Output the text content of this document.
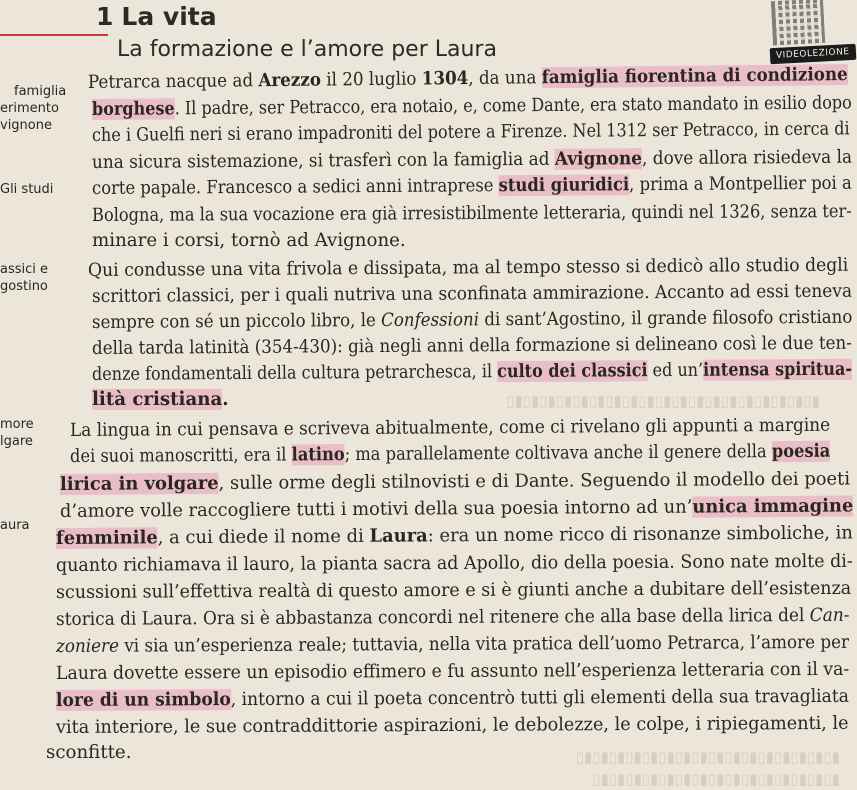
1 La vita
La formazione e l’amore per Laura	VIDEOLEZIONE
famiglia
erimento
vignone
Gli studi
assici e
gostino
more
lgare
aura
Petrarca nacque ad Arezzo il 20 luglio 1304, da una famiglia fiorentina di condizione
borghese. Il padre, ser Petracco, era notaio, e, come Dante, era stato mandato in esilio dopo
che i Guelfi neri si erano impadroniti del potere a Firenze. Nel 1312 ser Petracco, in cerca di
una sicura sistemazione, si trasferì con la famiglia ad Avignone, dove allora risiedeva la
corte papale. Francesco a sedici anni intraprese studi giuridici, prima a Montpellier poi a
Bologna, ma la sua vocazione era già irresistibilmente letteraria, quindi nel 1326, senza ter-
minare i corsi, tornò ad Avignone.
Qui condusse una vita frivola e dissipata, ma al tempo stesso si dedicò allo studio degli
scrittori classici, per i quali nutriva una sconfinata ammirazione. Accanto ad essi teneva
sempre con sé un piccolo libro, le Confessioni di sant’Agostino, il grande filosofo cristiano
della tarda latinità (354-430): già negli anni della formazione si delineano così le due ten-
denze fondamentali della cultura petrarchesca, il culto dei classici ed un’intensa spiritua-
lità cristiana.
La lingua in cui pensava e scriveva abitualmente, come ci rivelano gli appunti a margine
dei suoi manoscritti, era il latino; ma parallelamente coltivava anche il genere della poesia
lirica in volgare, sulle orme degli stilnovisti e di Dante. Seguendo il modello dei poeti
d’amore volle raccogliere tutti i motivi della sua poesia intorno ad un’unica immagine
femminile, a cui diede il nome di Laura: era un nome ricco di risonanze simboliche, in
quanto richiamava il lauro, la pianta sacra ad Apollo, dio della poesia. Sono nate molte di-
scussioni sull’effettiva realtà di questo amore e si è giunti anche a dubitare dell’esistenza
storica di Laura. Ora si è abbastanza concordi nel ritenere che alla base della lirica del Can-
zoniere vi sia un’esperienza reale; tuttavia, nella vita pratica dell’uomo Petrarca, l’amore per
Laura dovette essere un episodio effimero e fu assunto nell’esperienza letteraria con il va-
lore di un simbolo, intorno a cui il poeta concentrò tutti gli elementi della sua travagliata
vita interiore, le sue contraddittorie aspirazioni, le debolezze, le colpe, i ripiegamenti, le
sconfitte.
▮▯▮▯▮▯▮▯▮▯▮▯▮▯▮▯▮▯▮▯▮▯▮▯▮▯▮▯▮▯▮▯▮▯▮▯▮▯
▮▯▮▯▮▯▮▯▮▯▮▯▮▯▮▯▮▯▮▯▮▯▮▯▮▯▮▯▮▯▮▯
▮▯▮▯▮▯▮▯▮▯▮▯▮▯▮▯▮▯▮▯▮▯▮▯▮▯▮▯▮▯
